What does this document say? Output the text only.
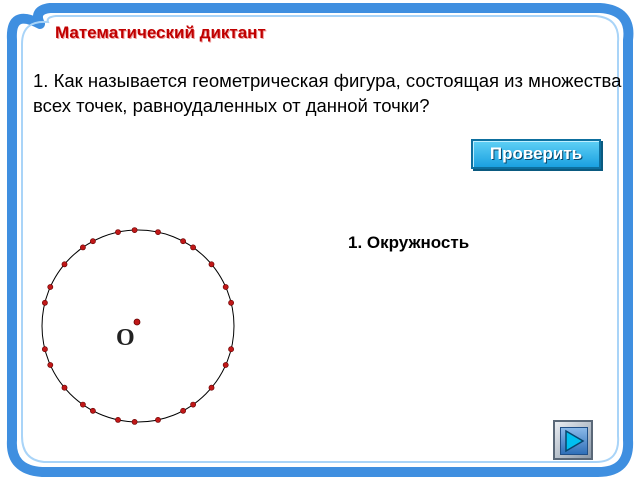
Математический диктант
1. Как называется геометрическая фигура, состоящая из множества всех точек, равноудаленных от данной точки?
Проверить
1. Окружность
O
